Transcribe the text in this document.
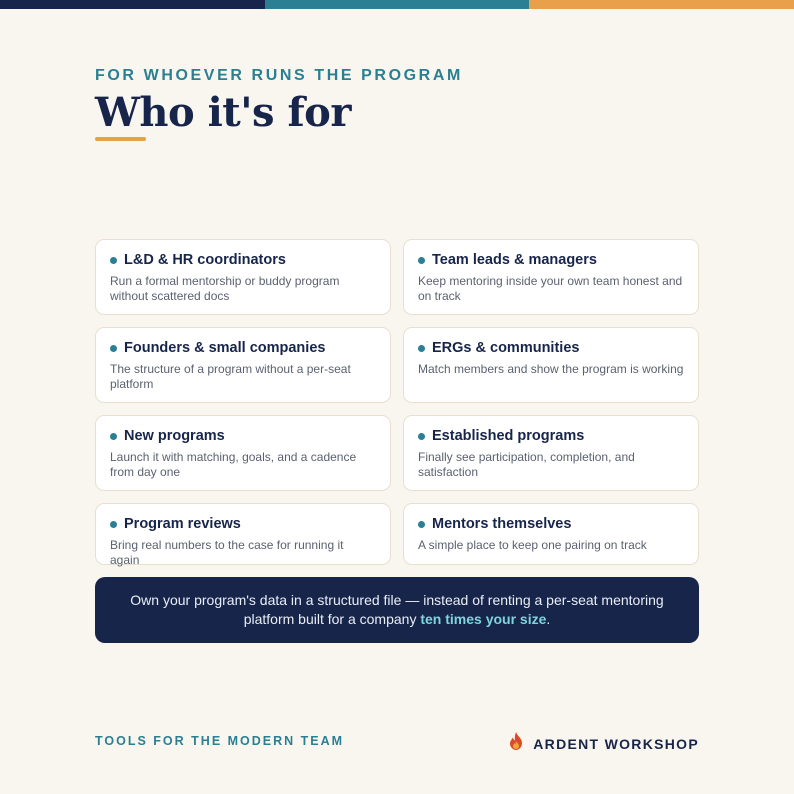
FOR WHOEVER RUNS THE PROGRAM
Who it's for
L&D & HR coordinators
Run a formal mentorship or buddy program without scattered docs
Team leads & managers
Keep mentoring inside your own team honest and on track
Founders & small companies
The structure of a program without a per-seat platform
ERGs & communities
Match members and show the program is working
New programs
Launch it with matching, goals, and a cadence from day one
Established programs
Finally see participation, completion, and satisfaction
Program reviews
Bring real numbers to the case for running it again
Mentors themselves
A simple place to keep one pairing on track
Own your program's data in a structured file — instead of renting a per-seat mentoring platform built for a company ten times your size.
TOOLS FOR THE MODERN TEAM	ARDENT WORKSHOP
